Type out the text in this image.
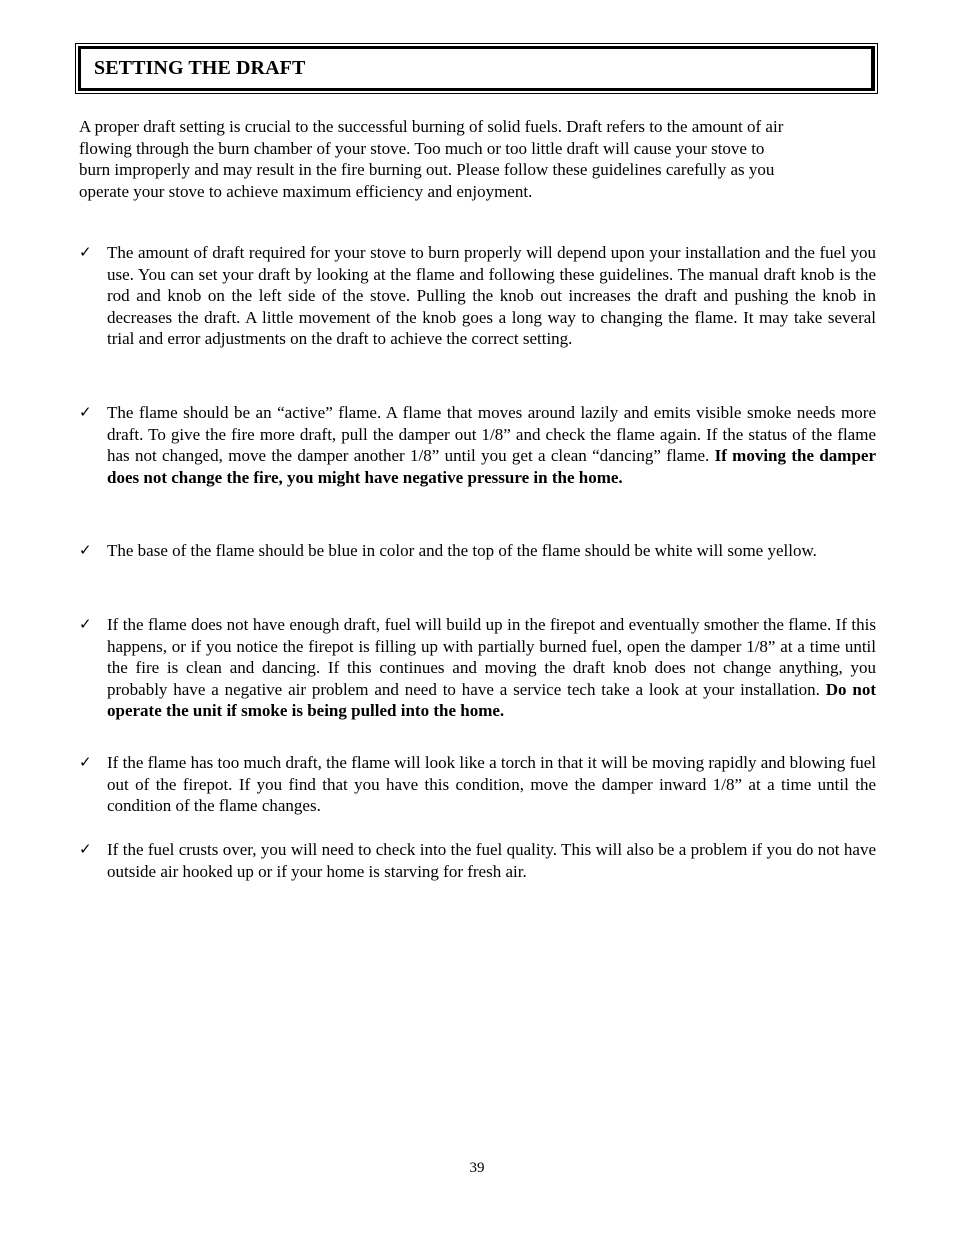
SETTING THE DRAFT

A proper draft setting is crucial to the successful burning of solid fuels. Draft refers to the amount of air
flowing through the burn chamber of your stove. Too much or too little draft will cause your stove to
burn improperly and may result in the fire burning out. Please follow these guidelines carefully as you
operate your stove to achieve maximum efficiency and enjoyment.

✓ The amount of draft required for your stove to burn properly will depend upon your installation and the fuel you use. You can set your draft by looking at the flame and following these guidelines. The manual draft knob is the rod and knob on the left side of the stove. Pulling the knob out increases the draft and pushing the knob in decreases the draft. A little movement of the knob goes a long way to changing the flame. It may take several trial and error adjustments on the draft to achieve the correct setting.
✓ The flame should be an “active” flame. A flame that moves around lazily and emits visible smoke needs more draft. To give the fire more draft, pull the damper out 1/8” and check the flame again. If the status of the flame has not changed, move the damper another 1/8” until you get a clean “dancing” flame. If moving the damper does not change the fire, you might have negative pressure in the home.
✓ The base of the flame should be blue in color and the top of the flame should be white will some yellow.
✓ If the flame does not have enough draft, fuel will build up in the firepot and eventually smother the flame. If this happens, or if you notice the firepot is filling up with partially burned fuel, open the damper 1/8” at a time until the fire is clean and dancing. If this continues and moving the draft knob does not change anything, you probably have a negative air problem and need to have a service tech take a look at your installation. Do not operate the unit if smoke is being pulled into the home.
✓ If the flame has too much draft, the flame will look like a torch in that it will be moving rapidly and blowing fuel out of the firepot. If you find that you have this condition, move the damper inward 1/8” at a time until the condition of the flame changes.
✓ If the fuel crusts over, you will need to check into the fuel quality. This will also be a problem if you do not have outside air hooked up or if your home is starving for fresh air.
39
